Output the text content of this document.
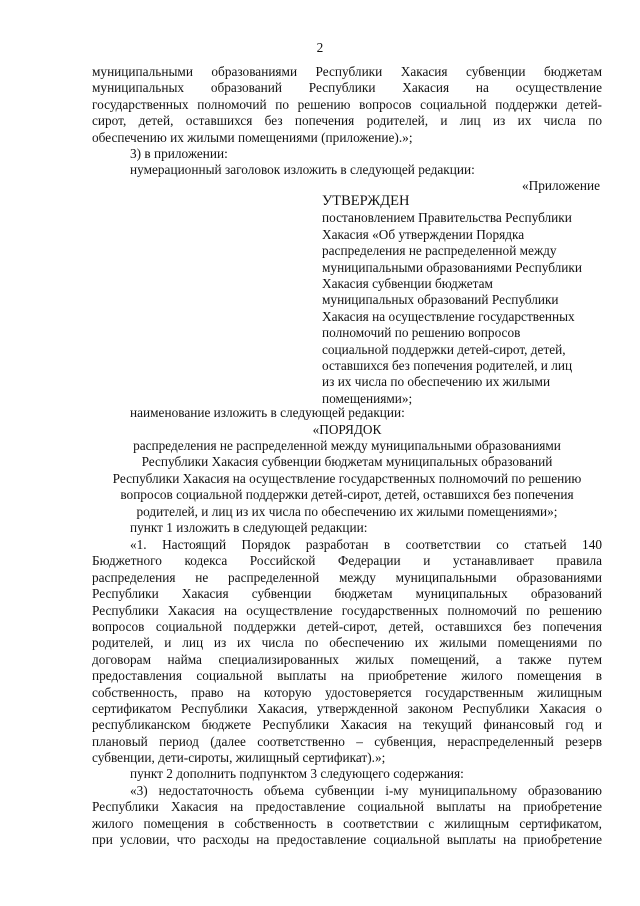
2
муниципальными образованиями Республики Хакасия субвенции бюджетам
муниципальных образований Республики Хакасия на осуществление
государственных полномочий по решению вопросов социальной поддержки детей-
сирот, детей, оставшихся без попечения родителей, и лиц из их числа по
обеспечению их жилыми помещениями (приложение).»;
3) в приложении:
нумерационный заголовок изложить в следующей редакции:
«Приложение
УТВЕРЖДЕН
постановлением Правительства Республики
Хакасия «Об утверждении Порядка
распределения не распределенной между
муниципальными образованиями Республики
Хакасия субвенции бюджетам
муниципальных образований Республики
Хакасия на осуществление государственных
полномочий по решению вопросов
социальной поддержки детей-сирот, детей,
оставшихся без попечения родителей, и лиц
из их числа по обеспечению их жилыми
помещениями»;
наименование изложить в следующей редакции:
«ПОРЯДОК
распределения не распределенной между муниципальными образованиями
Республики Хакасия субвенции бюджетам муниципальных образований
Республики Хакасия на осуществление государственных полномочий по решению
вопросов социальной поддержки детей-сирот, детей, оставшихся без попечения
родителей, и лиц из их числа по обеспечению их жилыми помещениями»;
пункт 1 изложить в следующей редакции:
«1. Настоящий Порядок разработан в соответствии со статьей 140
Бюджетного кодекса Российской Федерации и устанавливает правила
распределения не распределенной между муниципальными образованиями
Республики Хакасия субвенции бюджетам муниципальных образований
Республики Хакасия на осуществление государственных полномочий по решению
вопросов социальной поддержки детей-сирот, детей, оставшихся без попечения
родителей, и лиц из их числа по обеспечению их жилыми помещениями по
договорам найма специализированных жилых помещений, а также путем
предоставления социальной выплаты на приобретение жилого помещения в
собственность, право на которую удостоверяется государственным жилищным
сертификатом Республики Хакасия, утвержденной законом Республики Хакасия о
республиканском бюджете Республики Хакасия на текущий финансовый год и
плановый период (далее соответственно – субвенция, нераспределенный резерв
субвенции, дети-сироты, жилищный сертификат).»;
пункт 2 дополнить подпунктом 3 следующего содержания:
«3) недостаточность объема субвенции i-му муниципальному образованию
Республики Хакасия на предоставление социальной выплаты на приобретение
жилого помещения в собственность в соответствии с жилищным сертификатом,
при условии, что расходы на предоставление социальной выплаты на приобретение
